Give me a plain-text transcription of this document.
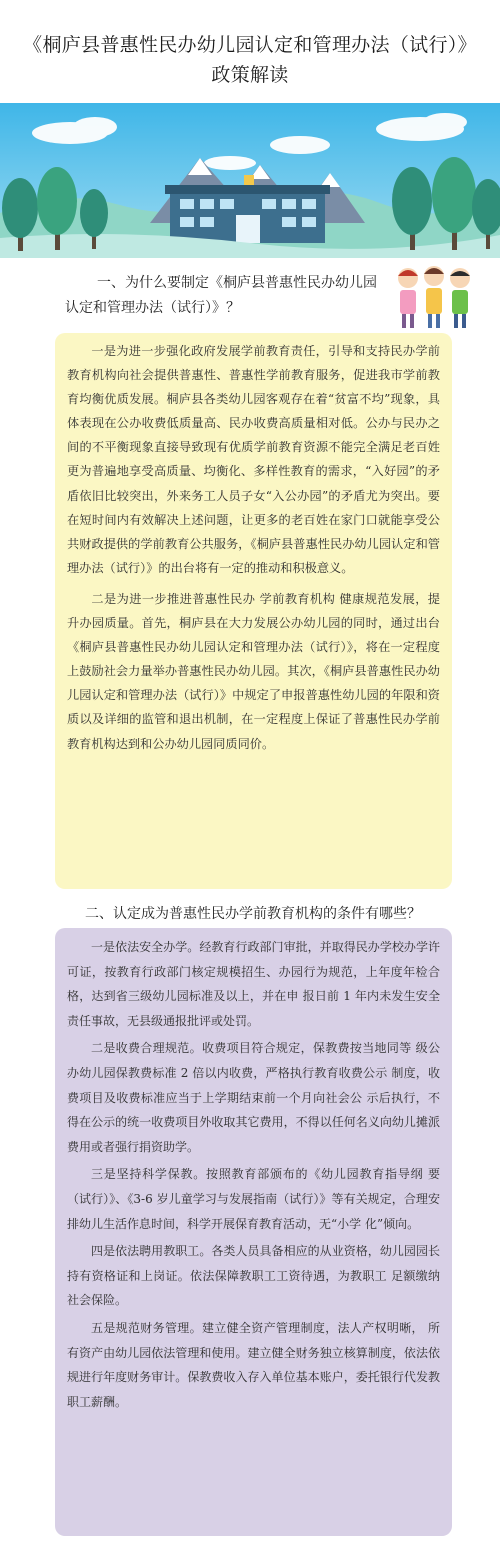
《桐庐县普惠性民办幼儿园认定和管理办法（试行）》
政策解读
一、为什么要制定《桐庐县普惠性民办幼儿园
认定和管理办法（试行）》？

一是为进一步强化政府发展学前教育责任，引导和支持民办学前教育机构向社会提供普惠性、普惠性学前教育服务，促进我市学前教育均衡优质发展。桐庐县各类幼儿园客观存在着“贫富不均”现象，具体表现在公办收费低质量高、民办收费高质量相对低。公办与民办之间的不平衡现象直接导致现有优质学前教育资源不能完全满足老百姓更为普遍地享受高质量、均衡化、多样性教育的需求，“入好园”的矛盾依旧比较突出，外来务工人员子女“入公办园”的矛盾尤为突出。要在短时间内有效解决上述问题，让更多的老百姓在家门口就能享受公共财政提供的学前教育公共服务，《桐庐县普惠性民办幼儿园认定和管理办法（试行）》的出台将有一定的推动和积极意义。

二是为进一步推进普惠性民办 学前教育机构 健康规范发展，提升办园质量。首先，桐庐县在大力发展公办幼儿园的同时，通过出台《桐庐县普惠性民办幼儿园认定和管理办法（试行）》，将在一定程度上鼓励社会力量举办普惠性民办幼儿园。其次，《桐庐县普惠性民办幼儿园认定和管理办法（试行）》中规定了申报普惠性幼儿园的年限和资质以及详细的监管和退出机制，在一定程度上保证了普惠性民办学前教育机构达到和公办幼儿园同质同价。

二、认定成为普惠性民办学前教育机构的条件有哪些？

一是依法安全办学。经教育行政部门审批，并取得民办学校办学许可证，按教育行政部门核定规模招生、办园行为规范，上年度年检合格，达到省三级幼儿园标准及以上，并在申 报日前 1 年内未发生安全责任事故，无县级通报批评或处罚。

二是收费合理规范。收费项目符合规定，保教费按当地同等 级公办幼儿园保教费标准 2 倍以内收费，严格执行教育收费公示 制度，收费项目及收费标准应当于上学期结束前一个月向社会公 示后执行，不得在公示的统一收费项目外收取其它费用，不得以任何名义向幼儿摊派费用或者强行捐资助学。

三是坚持科学保教。按照教育部颁布的《幼儿园教育指导纲 要（试行）》、《3-6 岁儿童学习与发展指南（试行）》等有关规定，合理安排幼儿生活作息时间，科学开展保育教育活动，无“小学 化”倾向。

四是依法聘用教职工。各类人员具备相应的从业资格，幼儿园园长持有资格证和上岗证。依法保障教职工工资待遇，为教职工 足额缴纳社会保险。

五是规范财务管理。建立健全资产管理制度，法人产权明晰， 所有资产由幼儿园依法管理和使用。建立健全财务独立核算制度，依法依规进行年度财务审计。保教费收入存入单位基本账户，委托银行代发教职工薪酬。
